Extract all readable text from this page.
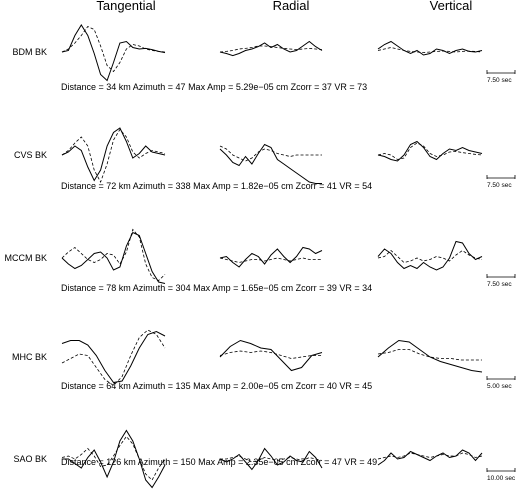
Tangential	Radial	Vertical
BDM BK
Distance = 34 km Azimuth = 47 Max Amp = 5.29e−05 cm Zcorr = 37 VR = 73
7.50 sec
CVS BK
Distance = 72 km Azimuth = 338 Max Amp = 1.82e−05 cm Zcorr = 41 VR = 54	7.50 sec
MCCM BK
Distance = 78 km Azimuth = 304 Max Amp = 1.65e−05 cm Zcorr = 39 VR = 34	7.50 sec
MHC BK
Distance = 64 km Azimuth = 135 Max Amp = 2.00e−05 cm Zcorr = 40 VR = 45	5.00 sec
SAO BK Distance = 126 km Azimuth = 150 Max Amp = 2.35e−05 cm Zcorr = 47 VR = 49
10.00 sec
